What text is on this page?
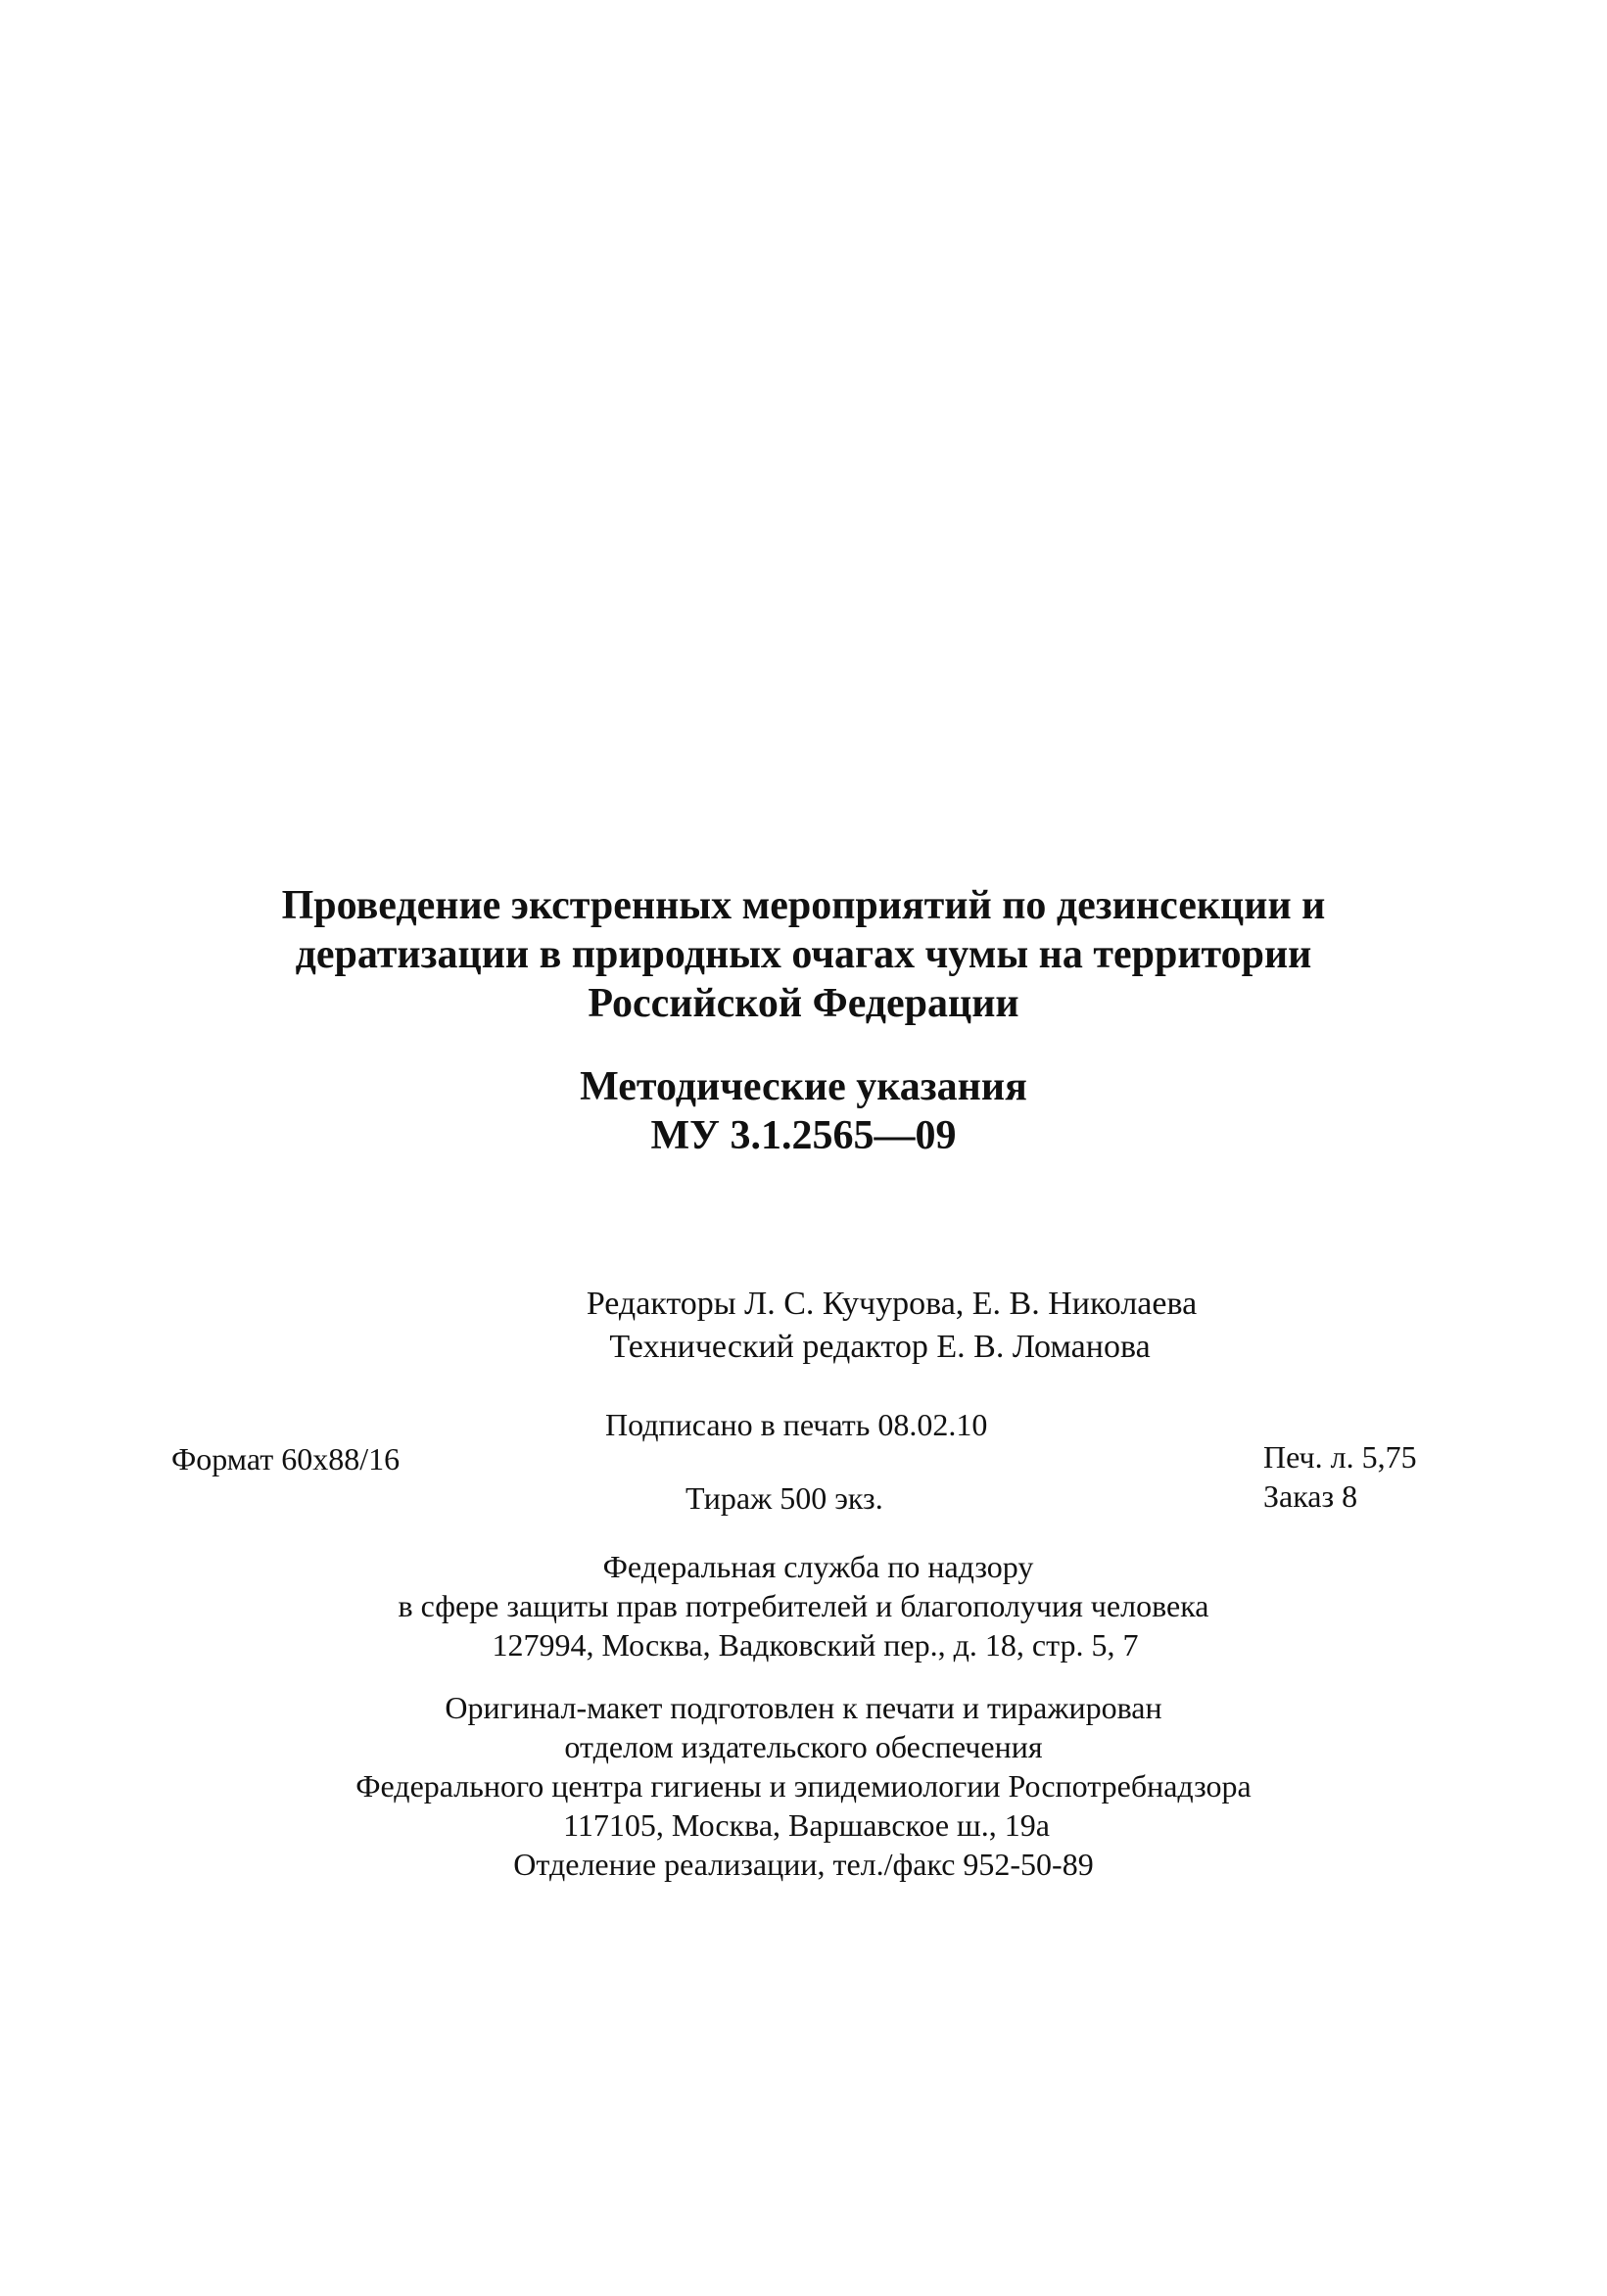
Проведение экстренных мероприятий по дезинсекции и
дератизации в природных очагах чумы на территории
Российской Федерации
Методические указания
МУ 3.1.2565—09
Редакторы Л. С. Кучурова, Е. В. Николаева
Технический редактор Е. В. Ломанова
Подписано в печать 08.02.10
Формат 60x88/16	Печ. л. 5,75
Тираж 500 экз.	Заказ 8
Федеральная служба по надзору
в сфере защиты прав потребителей и благополучия человека
127994, Москва, Вадковский пер., д. 18, стр. 5, 7
Оригинал-макет подготовлен к печати и тиражирован
отделом издательского обеспечения
Федерального центра гигиены и эпидемиологии Роспотребнадзора
117105, Москва, Варшавское ш., 19а
Отделение реализации, тел./факс 952-50-89
